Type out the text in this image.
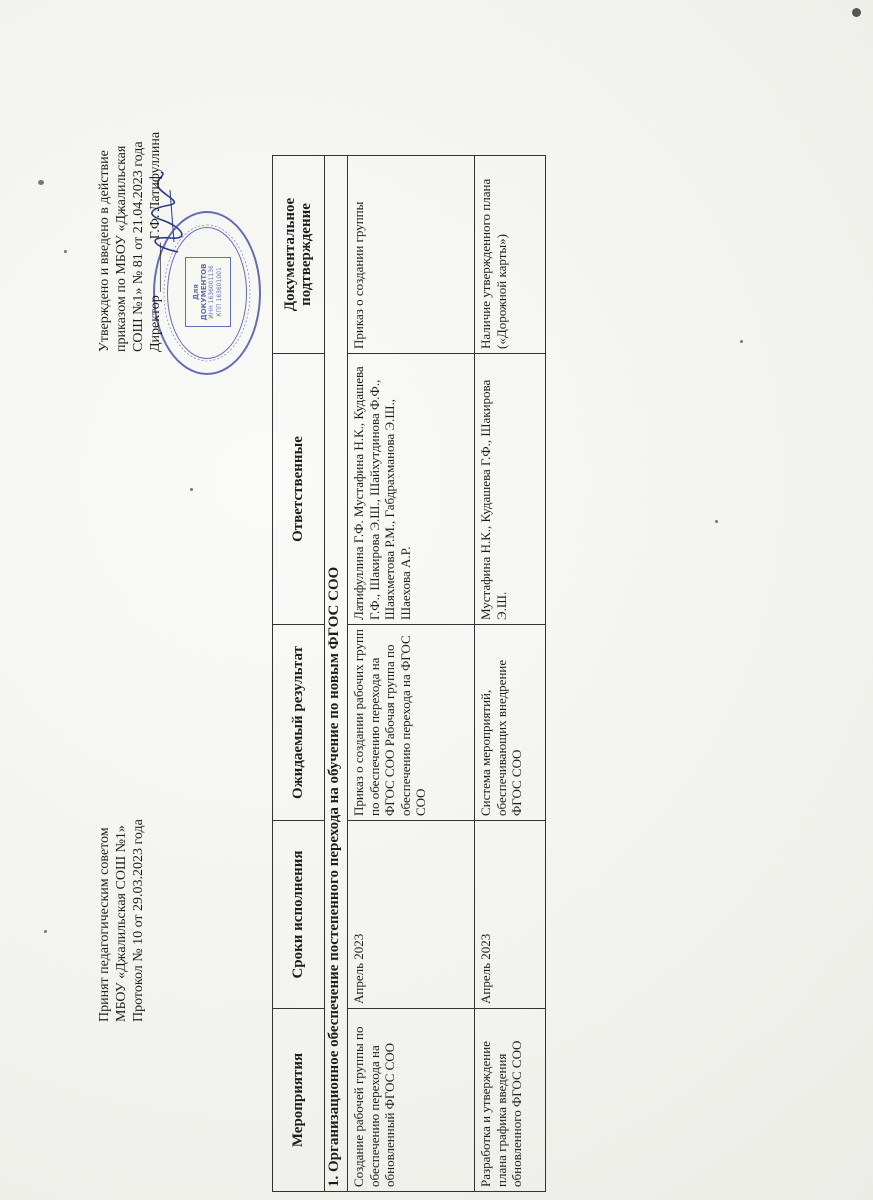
Принят педагогическим советом МБОУ «Джалильская СОШ №1» Протокол № 10 от 29.03.2023 года
Для ДОКУМЕНТОВ ИНН 1636001136 КПП 163601001
Утверждено и введено в действие приказом по МБОУ «Джалильская СОШ №1» № 81 от 21.04.2023 года Директор _______ Г.Ф. Латифуллина
Мероприятия	Сроки исполнения	Ожидаемый результат	Ответственные	Документальное подтверждение
1. Организационное обеспечение постепенного перехода на обучение по новым ФГОС СОО				
Создание рабочей группы по обеспечению перехода на обновленный ФГОС СОО	Апрель 2023	Приказ о создании рабочих групп по обеспечению перехода на ФГОС СОО Рабочая группа по обеспечению перехода на ФГОС СОО	Латифуллина Г.Ф. Мустафина Н.К., Кудашева Г.Ф., Шакирова Э.Ш., Шайхутдинова Ф.Ф., Шаяхметова Р.М., Габдрахманова Э.Ш., Шаехова А.Р.	Приказ о создании группы
Разработка и утверждение плана графика введения обновленного ФГОС СОО	Апрель 2023	Система мероприятий, обеспечивающих внедрение ФГОС СОО	Мустафина Н.К., Кудашева Г.Ф., Шакирова Э.Ш.	Наличие утвержденного плана («Дорожной карты»)
